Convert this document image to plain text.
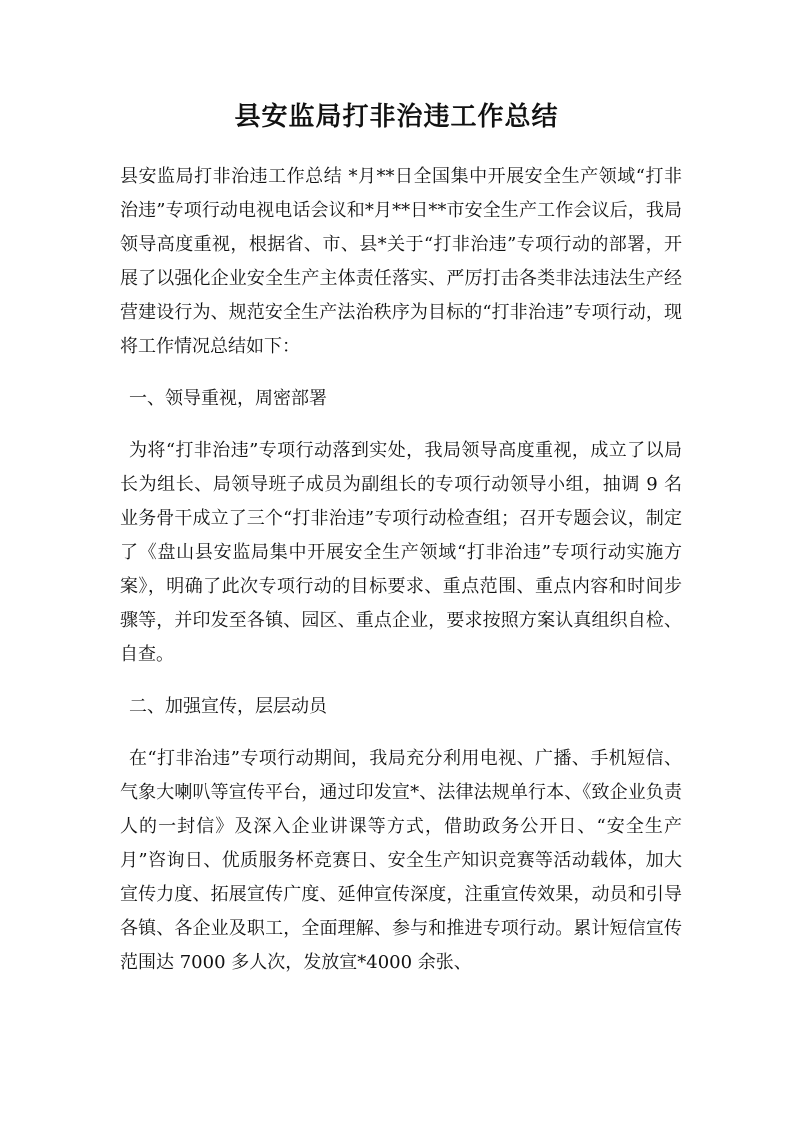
县安监局打非治违工作总结

县安监局打非治违工作总结 *月**日全国集中开展安全生产领域“打非治违”专项行动电视电话会议和*月**日**市安全生产工作会议后，我局领导高度重视，根据省、市、县*关于“打非治违”专项行动的部署，开展了以强化企业安全生产主体责任落实、严厉打击各类非法违法生产经营建设行为、规范安全生产法治秩序为目标的“打非治违”专项行动，现将工作情况总结如下：

一、领导重视，周密部署

为将“打非治违”专项行动落到实处，我局领导高度重视，成立了以局长为组长、局领导班子成员为副组长的专项行动领导小组，抽调 9 名业务骨干成立了三个“打非治违”专项行动检查组；召开专题会议，制定了《盘山县安监局集中开展安全生产领域“打非治违”专项行动实施方案》，明确了此次专项行动的目标要求、重点范围、重点内容和时间步骤等，并印发至各镇、园区、重点企业，要求按照方案认真组织自检、自查。

二、加强宣传，层层动员

在“打非治违”专项行动期间，我局充分利用电视、广播、手机短信、气象大喇叭等宣传平台，通过印发宣*、法律法规单行本、《致企业负责人的一封信》及深入企业讲课等方式，借助政务公开日、“安全生产月”咨询日、优质服务杯竞赛日、安全生产知识竞赛等活动载体，加大宣传力度、拓展宣传广度、延伸宣传深度，注重宣传效果，动员和引导各镇、各企业及职工，全面理解、参与和推进专项行动。累计短信宣传范围达 7000 多人次，发放宣*4000 余张、
